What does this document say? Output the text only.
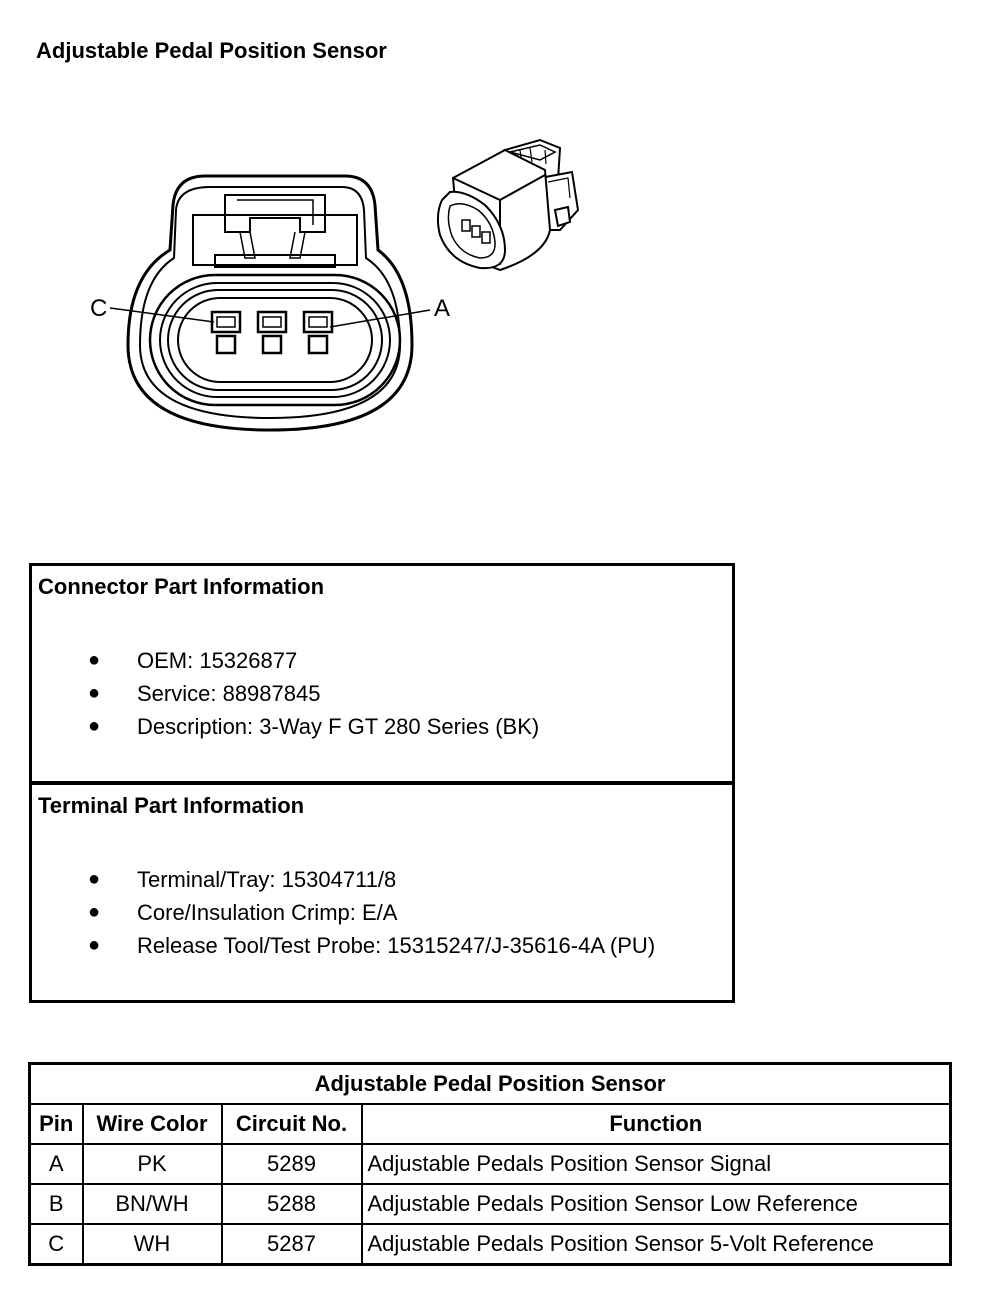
Adjustable Pedal Position Sensor
C	A
Connector Part Information
● OEM: 15326877
● Service: 88987845
● Description: 3-Way F GT 280 Series (BK)
Terminal Part Information
● Terminal/Tray: 15304711/8
● Core/Insulation Crimp: E/A
● Release Tool/Test Probe: 15315247/J-35616-4A (PU)
Adjustable Pedal Position Sensor			
Pin	Wire Color	Circuit No.	Function
A	PK	5289	Adjustable Pedals Position Sensor Signal
B	BN/WH	5288	Adjustable Pedals Position Sensor Low Reference
C	WH	5287	Adjustable Pedals Position Sensor 5-Volt Reference
